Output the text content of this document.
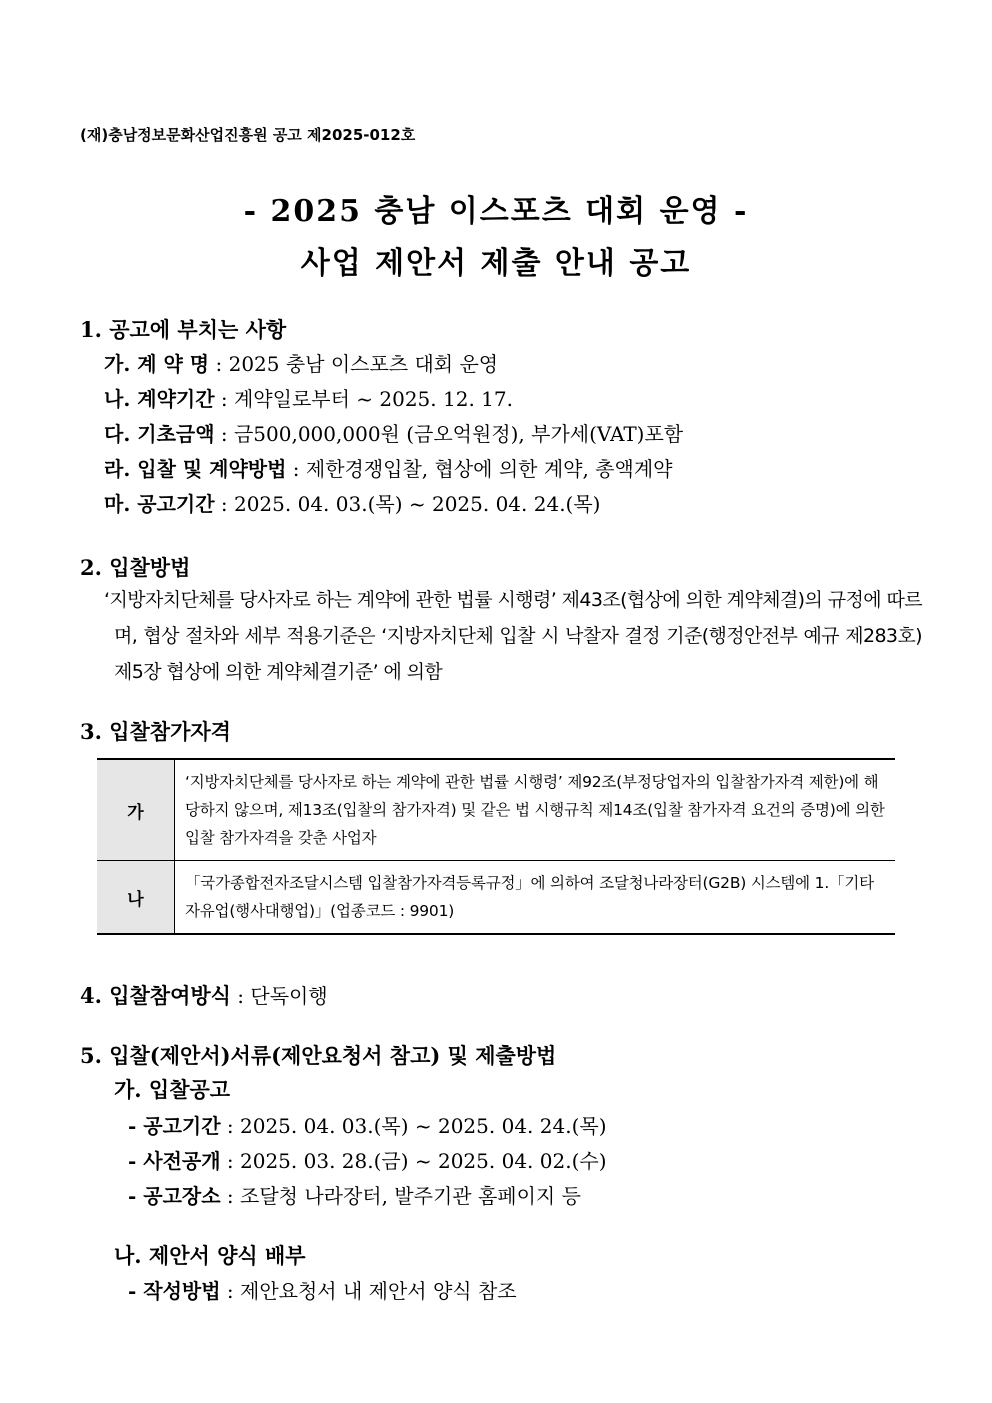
(재)충남정보문화산업진흥원 공고 제2025-012호
- 2025 충남 이스포츠 대회 운영 -
사업 제안서 제출 안내 공고
1. 공고에 부치는 사항
가. 계 약 명 : 2025 충남 이스포츠 대회 운영
나. 계약기간 : 계약일로부터 ~ 2025. 12. 17.
다. 기초금액 : 금500,000,000원 (금오억원정), 부가세(VAT)포함
라. 입찰 및 계약방법 : 제한경쟁입찰, 협상에 의한 계약, 총액계약
마. 공고기간 : 2025. 04. 03.(목) ~ 2025. 04. 24.(목)
2. 입찰방법
‘지방자치단체를 당사자로 하는 계약에 관한 법률 시행령’ 제43조(협상에 의한 계약체결)의 규정에 따르며, 협상 절차와 세부 적용기준은 ‘지방자치단체 입찰 시 낙찰자 결정 기준(행정안전부 예규 제283호) 제5장 협상에 의한 계약체결기준’ 에 의함
3. 입찰참가자격
가	‘지방자치단체를 당사자로 하는 계약에 관한 법률 시행령’ 제92조(부정당업자의 입찰참가자격 제한)에 해당하지 않으며, 제13조(입찰의 참가자격) 및 같은 법 시행규칙 제14조(입찰 참가자격 요건의 증명)에 의한 입찰 참가자격을 갖춘 사업자
나	「국가종합전자조달시스템 입찰참가자격등록규정」에 의하여 조달청나라장터(G2B) 시스템에 1.「기타자유업(행사대행업)」(업종코드 : 9901)
4. 입찰참여방식 : 단독이행
5. 입찰(제안서)서류(제안요청서 참고) 및 제출방법
가. 입찰공고
- 공고기간 : 2025. 04. 03.(목) ~ 2025. 04. 24.(목)
- 사전공개 : 2025. 03. 28.(금) ~ 2025. 04. 02.(수)
- 공고장소 : 조달청 나라장터, 발주기관 홈페이지 등
나. 제안서 양식 배부
- 작성방법 : 제안요청서 내 제안서 양식 참조
